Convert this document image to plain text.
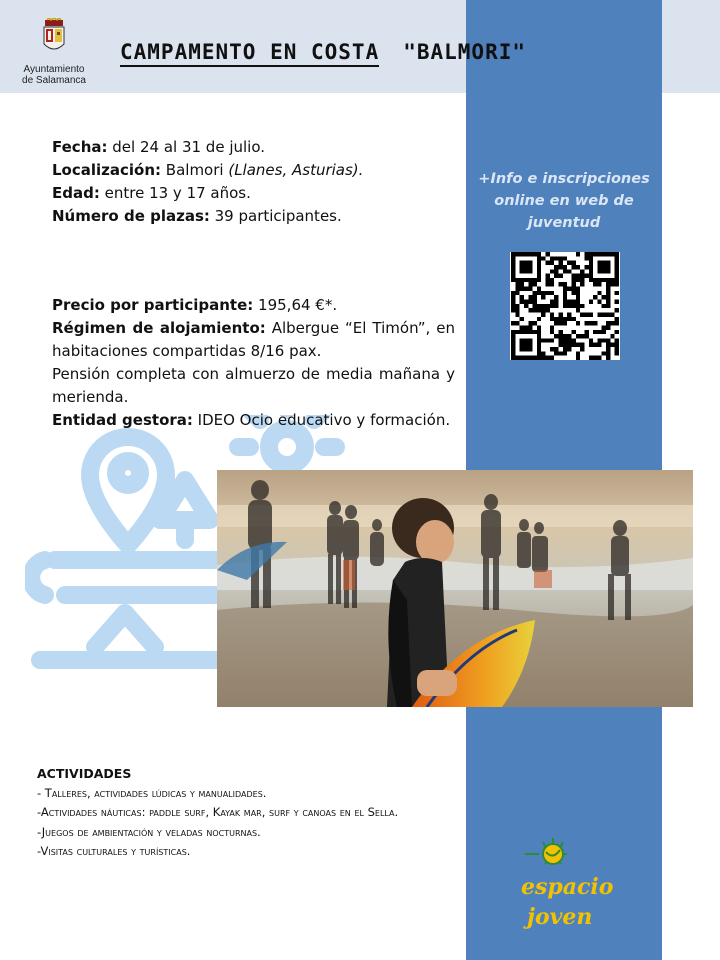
Ayuntamiento
de Salamanca
CAMPAMENTO EN COSTA "BALMORI"
Fecha: del 24 al 31 de julio.
Localización: Balmori (Llanes, Asturias).
Edad: entre 13 y 17 años.
Número de plazas: 39 participantes.

Precio por participante: 195,64 €*.

Régimen de alojamiento: Albergue “El Timón”, en habitaciones compartidas 8/16 pax.

Pensión completa con almuerzo de media mañana y merienda.

Entidad gestora: IDEO Ocio educativo y formación.

+Info e inscripciones
online en web de
juventud
ACTIVIDADES
- Talleres, actividades lúdicas y manualidades.
-Actividades náuticas: paddle surf, Kayak mar, surf y canoas en el Sella.
-Juegos de ambientación y veladas nocturnas.
-Visitas culturales y turísticas.
espacio joven
